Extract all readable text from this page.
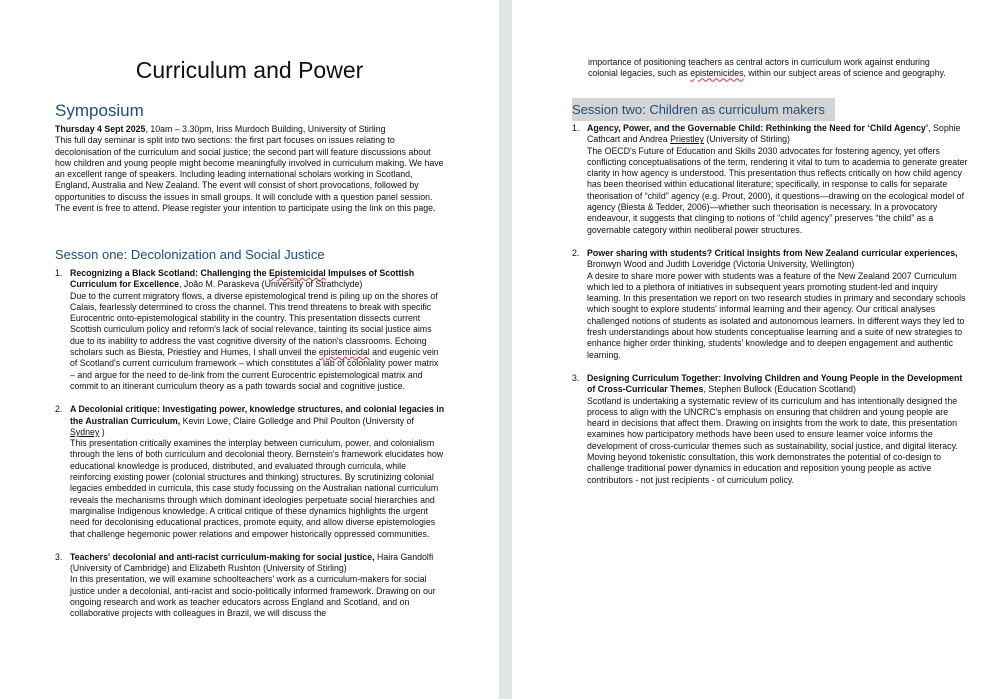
Curriculum and Power
Symposium
Thursday 4 Sept 2025, 10am – 3.30pm, Iriss Murdoch Building, University of Stirling
This full day seminar is split into two sections: the first part focuses on issues relating to decolonisation of the curriculum and social justice; the second part will feature discussions about how children and young people might become meaningfully involved in curriculum making. We have an excellent range of speakers. Including leading international scholars working in Scotland, England, Australia and New Zealand. The event will consist of short provocations, followed by opportunities to discuss the issues in small groups. It will conclude with a question panel session. The event is free to attend. Please register your intention to participate using the link on this page.
Sesson one: Decolonization and Social Justice
1. Recognizing a Black Scotland: Challenging the Epistemicidal Impulses of Scottish Curriculum for Excellence, João M. Paraskeva (University of Strathclyde)
Due to the current migratory flows, a diverse epistemological trend is piling up on the shores of Calais, fearlessly determined to cross the channel. This trend threatens to break with specific Eurocentric onto-epistemological stability in the country. This presentation dissects current Scottish curriculum policy and reform's lack of social relevance, tainting its social justice aims due to its inability to address the vast cognitive diversity of the nation's classrooms. Echoing scholars such as Biesta, Priestley and Humes, I shall unveil the epistemicidal and eugenic vein of Scotland's current curriculum framework – which constitutes a lab of coloniality power matrix – and argue for the need to de-link from the current Eurocentric epistemological matrix and commit to an itinerant curriculum theory as a path towards social and cognitive justice.
2. A Decolonial critique: Investigating power, knowledge structures, and colonial legacies in the Australian Curriculum, Kevin Lowe, Claire Golledge and Phil Poulton (University of Sydney )
This presentation critically examines the interplay between curriculum, power, and colonialism through the lens of both curriculum and decolonial theory. Bernstein's framework elucidates how educational knowledge is produced, distributed, and evaluated through curricula, while reinforcing existing power (colonial structures and thinking) structures. By scrutinizing colonial legacies embedded in curricula, this case study focussing on the Australian national curriculum reveals the mechanisms through which dominant ideologies perpetuate social hierarchies and marginalise Indigenous knowledge. A critical critique of these dynamics highlights the urgent need for decolonising educational practices, promote equity, and allow diverse epistemologies that challenge hegemonic power relations and empower historically oppressed communities.
3. Teachers' decolonial and anti-racist curriculum-making for social justice, Haira Gandolfi (University of Cambridge) and Elizabeth Rushton (University of Stirling)
In this presentation, we will examine schoolteachers' work as a curriculum-makers for social justice under a decolonial, anti-racist and socio-politically informed framework. Drawing on our ongoing research and work as teacher educators across England and Scotland, and on collaborative projects with colleagues in Brazil, we will discuss the
importance of positioning teachers as central actors in curriculum work against enduring colonial legacies, such as epistemicides, within our subject areas of science and geography.
Session two: Children as curriculum makers
1. Agency, Power, and the Governable Child: Rethinking the Need for ‘Child Agency’, Sophie Cathcart and Andrea Priestley (University of Stirling)
The OECD's Future of Education and Skills 2030 advocates for fostering agency, yet offers conflicting conceptualisations of the term, rendering it vital to turn to academia to generate greater clarity in how agency is understood. This presentation thus reflects critically on how child agency has been theorised within educational literature; specifically, in response to calls for separate theorisation of “child” agency (e.g. Prout, 2000), it questions—drawing on the ecological model of agency (Biesta & Tedder, 2006)—whether such theorisation is necessary. In a provocatory endeavour, it suggests that clinging to notions of “child agency” preserves “the child” as a governable category within neoliberal power structures.
2. Power sharing with students? Critical insights from New Zealand curricular experiences, Bronwyn Wood and Judith Loveridge (Victoria University, Wellington)
A desire to share more power with students was a feature of the New Zealand 2007 Curriculum which led to a plethora of initiatives in subsequent years promoting student-led and inquiry learning. In this presentation we report on two research studies in primary and secondary schools which sought to explore students' informal learning and their agency. Our critical analyses challenged notions of students as isolated and autonomous learners. In different ways they led to fresh understandings about how students conceptualise learning and a suite of new strategies to enhance higher order thinking, students' knowledge and to deepen engagement and authentic learning.
3. Designing Curriculum Together: Involving Children and Young People in the Development of Cross-Curricular Themes, Stephen Bullock (Education Scotland)
Scotland is undertaking a systematic review of its curriculum and has intentionally designed the process to align with the UNCRC's emphasis on ensuring that children and young people are heard in decisions that affect them. Drawing on insights from the work to date, this presentation examines how participatory methods have been used to ensure learner voice informs the development of cross-curricular themes such as sustainability, social justice, and digital literacy. Moving beyond tokenistic consultation, this work demonstrates the potential of co-design to challenge traditional power dynamics in education and reposition young people as active contributors - not just recipients - of curriculum policy.
